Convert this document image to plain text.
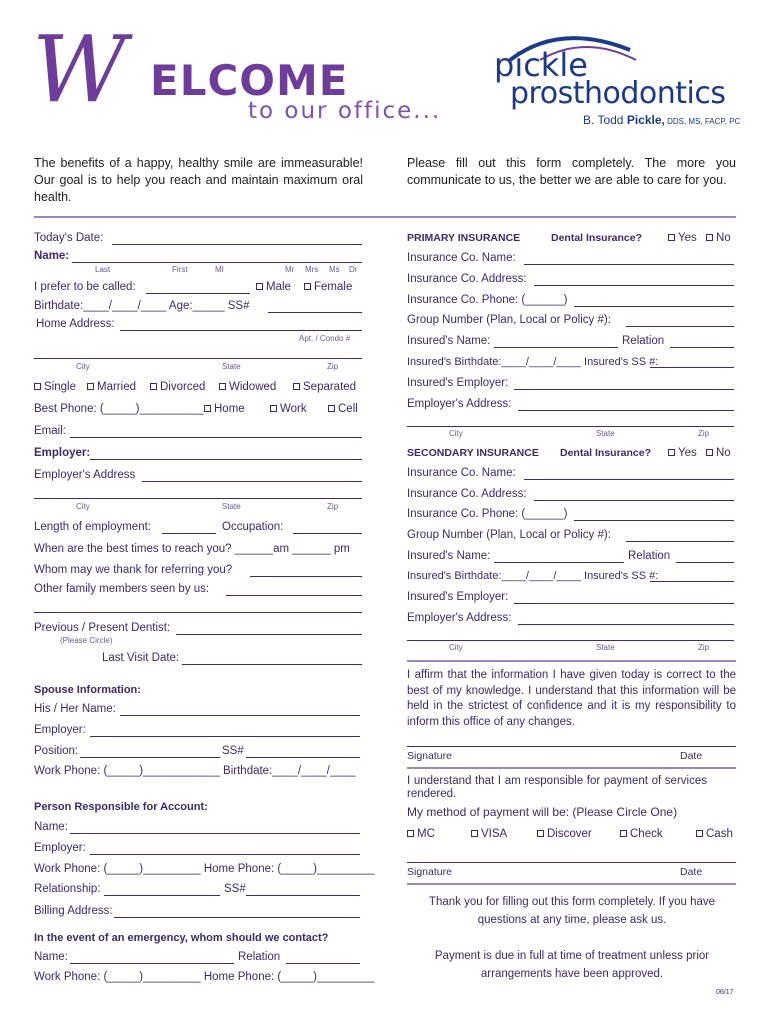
W ELCOME
to our office...
pickle
prosthodontics
B. Todd Pickle, DDS, MS, FACP, PC
The benefits of a happy, healthy smile are immeasurable! Our goal is to help you reach and maintain maximum oral health.
Please fill out this form completely. The more you communicate to us, the better we are able to care for you.
Today's Date:
Name:
Last	First	MI	Mr Mrs Ms Dr
I prefer to be called:	Male	Female
Birthdate:____/____/____ Age:_____ SS#
Home Address:
Apt. / Condo #
City	State	Zip
Single	Married	Divorced	Widowed	Separated
Best Phone: (_____)__________ Home	Work	Cell
Email:
Employer:
Employer's Address
City	State	Zip
Length of employment:	Occupation:
When are the best times to reach you? ______am ______ pm
Whom may we thank for referring you?
Other family members seen by us:
Previous / Present Dentist:
(Please Circle)
Last Visit Date:
Spouse Information:
His / Her Name:
Employer:
Position:	SS#
Work Phone: (_____)____________ Birthdate:____/____/____
Person Responsible for Account:
Name:
Employer:
Work Phone: (_____)_________ Home Phone: (_____)_________
Relationship:	SS#
Billing Address:
In the event of an emergency, whom should we contact?
Name:	Relation
Work Phone: (_____)_________ Home Phone: (_____)_________
PRIMARY INSURANCE	Dental Insurance?	Yes	No
Insurance Co. Name:
Insurance Co. Address:
Insurance Co. Phone: (______)
Group Number (Plan, Local or Policy #):
Insured's Name:	Relation
Insured's Birthdate:____/____/____ Insured's SS #:
Insured's Employer:
Employer's Address:
City	State	Zip
SECONDARY INSURANCE Dental Insurance?	Yes	No
Insurance Co. Name:
Insurance Co. Address:
Insurance Co. Phone: (______)
Group Number (Plan, Local or Policy #):
Insured's Name:	Relation
Insured's Birthdate:____/____/____ Insured's SS #:
Insured's Employer:
Employer's Address:
City	State	Zip
I affirm that the information I have given today is correct to the best of my knowledge. I understand that this information will be held in the strictest of confidence and it is my responsibility to inform this office of any changes.
Signature	Date
I understand that I am responsible for payment of services rendered.
My method of payment will be: (Please Circle One)
MC	VISA	Discover	Check	Cash
Signature	Date
Thank you for filling out this form completely. If you have questions at any time, please ask us.
Payment is due in full at time of treatment unless prior arrangements have been approved.
06/17
